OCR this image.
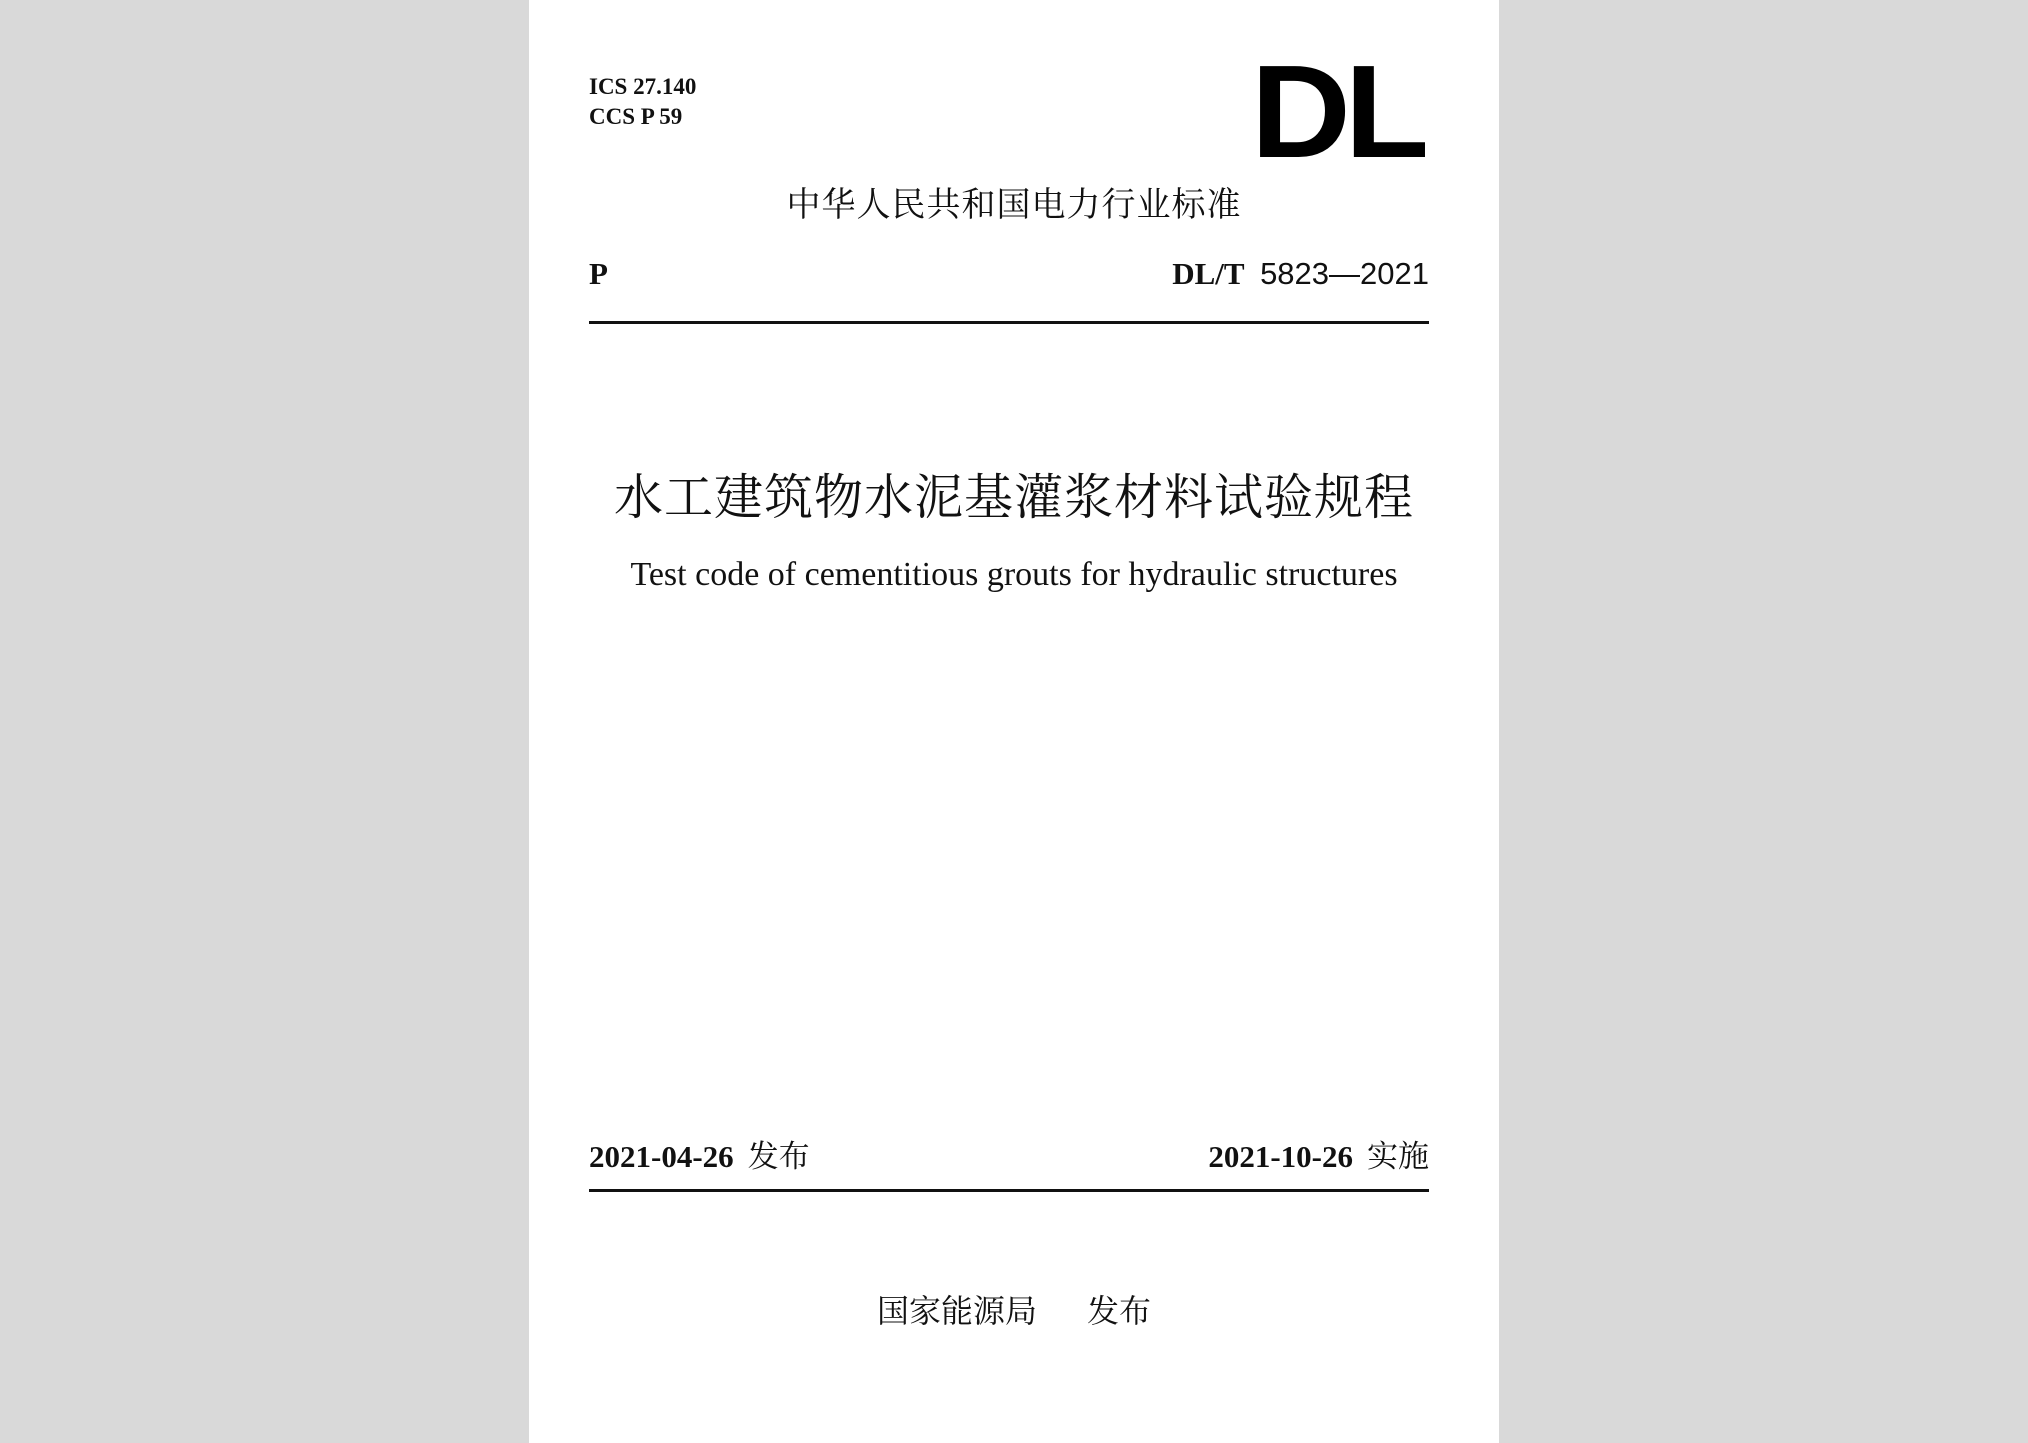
ICS 27.140
CCS P 59	DL
中华人民共和国电力行业标准
P	DL/T 5823—2021
水工建筑物水泥基灌浆材料试验规程
Test code of cementitious grouts for hydraulic structures
2021-04-26 发布	2021-10-26 实施
国家能源局 发布
